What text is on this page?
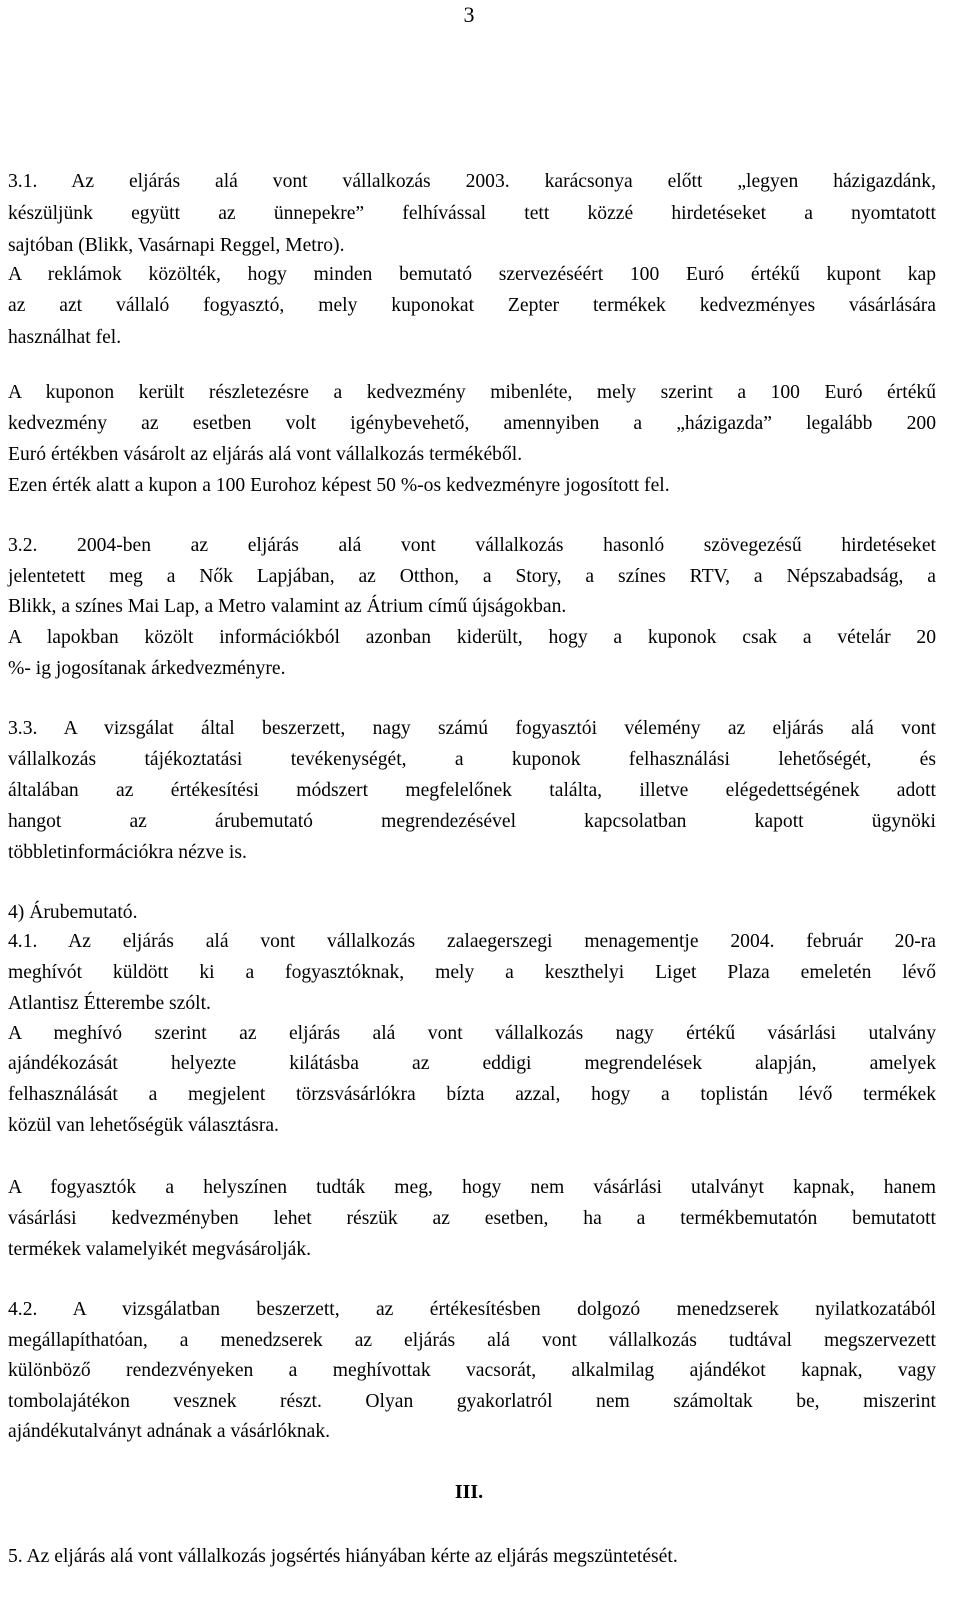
3
3.1. Az eljárás alá vont vállalkozás 2003. karácsonya előtt „legyen házigazdánk,
készüljünk együtt az ünnepekre” felhívással tett közzé hirdetéseket a nyomtatott
sajtóban (Blikk, Vasárnapi Reggel, Metro).
A reklámok közölték, hogy minden bemutató szervezéséért 100 Euró értékű kupont kap
az azt vállaló fogyasztó, mely kuponokat Zepter termékek kedvezményes vásárlására
használhat fel.
A kuponon került részletezésre a kedvezmény mibenléte, mely szerint a 100 Euró értékű
kedvezmény az esetben volt igénybevehető, amennyiben a „házigazda” legalább 200
Euró értékben vásárolt az eljárás alá vont vállalkozás termékéből.
Ezen érték alatt a kupon a 100 Eurohoz képest 50 %-os kedvezményre jogosított fel.
3.2. 2004-ben az eljárás alá vont vállalkozás hasonló szövegezésű hirdetéseket
jelentetett meg a Nők Lapjában, az Otthon, a Story, a színes RTV, a Népszabadság, a
Blikk, a színes Mai Lap, a Metro valamint az Átrium című újságokban.
A lapokban közölt információkból azonban kiderült, hogy a kuponok csak a vételár 20
%- ig jogosítanak árkedvezményre.
3.3. A vizsgálat által beszerzett, nagy számú fogyasztói vélemény az eljárás alá vont
vállalkozás tájékoztatási tevékenységét, a kuponok felhasználási lehetőségét, és
általában az értékesítési módszert megfelelőnek találta, illetve elégedettségének adott
hangot az árubemutató megrendezésével kapcsolatban kapott ügynöki
többletinformációkra nézve is.
4) Árubemutató.
4.1. Az eljárás alá vont vállalkozás zalaegerszegi menagementje 2004. február 20-ra
meghívót küldött ki a fogyasztóknak, mely a keszthelyi Liget Plaza emeletén lévő
Atlantisz Étterembe szólt.
A meghívó szerint az eljárás alá vont vállalkozás nagy értékű vásárlási utalvány
ajándékozását helyezte kilátásba az eddigi megrendelések alapján, amelyek
felhasználását a megjelent törzsvásárlókra bízta azzal, hogy a toplistán lévő termékek
közül van lehetőségük választásra.
A fogyasztók a helyszínen tudták meg, hogy nem vásárlási utalványt kapnak, hanem
vásárlási kedvezményben lehet részük az esetben, ha a termékbemutatón bemutatott
termékek valamelyikét megvásárolják.
4.2. A vizsgálatban beszerzett, az értékesítésben dolgozó menedzserek nyilatkozatából
megállapíthatóan, a menedzserek az eljárás alá vont vállalkozás tudtával megszervezett
különböző rendezvényeken a meghívottak vacsorát, alkalmilag ajándékot kapnak, vagy
tombolajátékon vesznek részt. Olyan gyakorlatról nem számoltak be, miszerint
ajándékutalványt adnának a vásárlóknak.
III.
5. Az eljárás alá vont vállalkozás jogsértés hiányában kérte az eljárás megszüntetését.
